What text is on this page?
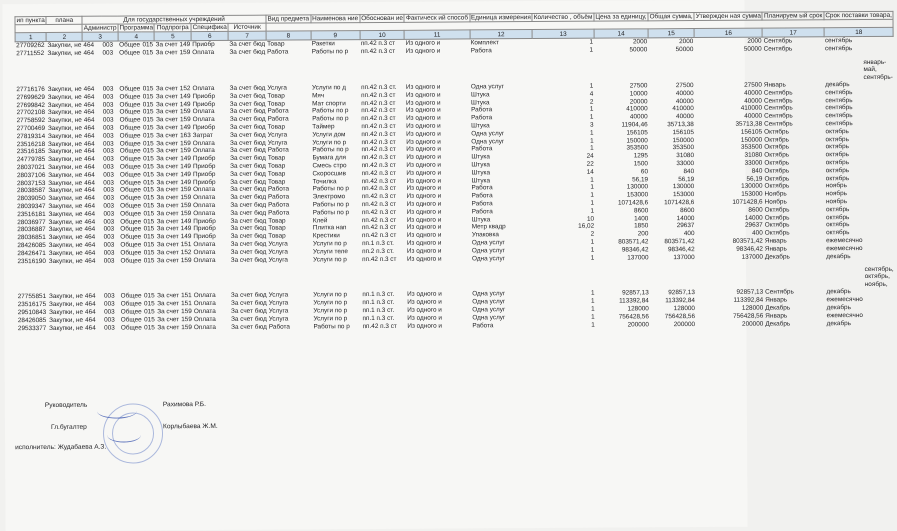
ип пункта	плана	Для государственных учреждений								Вид предмета	Наименова ние	Обоснован ие	Фактическ ий способ	Единица измерения	Количество , объём	Цена за единицу,	Общая сумма,	Утвержден ная сумма	Планируем ый срок	Срок поставки товара,	
		Администр		Программа		Подпрогра		Специфика	Источник												
1	2	3		4		5		6	7	8	9	10	11	12	13	14	15	16	17	18	
27709262	Закупки, не	464	003	Общее	015	За счет	149	Приобр	За счет бюд	Товар	Ракетки	пп.42 п.3 ст	Из одного и	Комплект	1	2000	2000	2000	Сентябрь	сентябрь	
27711552	Закупки, не	464	003	Общее	015	За счет	159	Оплата	За счет бюд	Работа	Работы по р	пп.42 п.3 ст	Из одного и	Работа	1	50000	50000	50000	Сентябрь	сентябрь	
																					январь-май, сентябрь-
27716176	Закупки, не	464	003	Общее	015	За счет	152	Оплата	За счет бюд	Услуга	Услуги по д	пп.42 п.3 ст.	Из одного и	Одна услуг	1	27500	27500	27500	Январь	декабрь	
27699629	Закупки, не	464	003	Общее	015	За счет	149	Приобр	За счет бюд	Товар	Мяч	пп.42 п.3 ст	Из одного и	Штука	4	10000	40000	40000	Сентябрь	сентябрь	
27699842	Закупки, не	464	003	Общее	015	За счет	149	Приобр	За счет бюд	Товар	Мат спорти	пп.42 п.3 ст	Из одного и	Штука	2	20000	40000	40000	Сентябрь	сентябрь	
27702108	Закупки, не	464	003	Общее	015	За счет	159	Оплата	За счет бюд	Работа	Работы по р	пп.42 п.3 ст	Из одного и	Работа	1	410000	410000	410000	Сентябрь	сентябрь	
27758592	Закупки, не	464	003	Общее	015	За счет	159	Оплата	За счет бюд	Работа	Работы по р	пп.42 п.3 ст	Из одного и	Работа	1	40000	40000	40000	Сентябрь	сентябрь	
27700469	Закупки, не	464	003	Общее	015	За счет	149	Приобр	За счет бюд	Товар	Таймер	пп.42 п.3 ст	Из одного и	Штука	3	11904,46	35713,38	35713,38	Сентябрь	сентябрь	
27819314	Закупки, не	464	003	Общее	015	За счет	163	Затрат	За счет бюд	Услуга	Услуги дом	пп.42 п.3 ст	Из одного и	Одна услуг	1	156105	156105	156105	Октябрь	октябрь	
23516218	Закупки, не	464	003	Общее	015	За счет	159	Оплата	За счет бюд	Услуга	Услуги по р	пп.42 п.3 ст	Из одного и	Одна услуг	1	150000	150000	150000	Октябрь	октябрь	
23516185	Закупки, не	464	003	Общее	015	За счет	159	Оплата	За счет бюд	Работа	Работы по р	пп.42 п.3 ст	Из одного и	Работа	1	353500	353500	353500	Октябрь	октябрь	
24779785	Закупки, не	464	003	Общее	015	За счет	149	Приобр	За счет бюд	Товар	Бумага для	пп.42 п.3 ст	Из одного и	Штука	24	1295	31080	31080	Октябрь	октябрь	
28037021	Закупки, не	464	003	Общее	015	За счет	149	Приобр	За счет бюд	Товар	Смесь стро	пп.42 п.3 ст	Из одного и	Штука	22	1500	33000	33000	Октябрь	октябрь	
28037106	Закупки, не	464	003	Общее	015	За счет	149	Приобр	За счет бюд	Товар	Скоросшив	пп.42 п.3 ст	Из одного и	Штука	14	60	840	840	Октябрь	октябрь	
28037153	Закупки, не	464	003	Общее	015	За счет	149	Приобр	За счет бюд	Товар	Точилка	пп.42 п.3 ст	Из одного и	Штука	1	56,19	56,19	56,19	Октябрь	октябрь	
28038587	Закупки, не	464	003	Общее	015	За счет	159	Оплата	За счет бюд	Работа	Работы по р	пп.42 п.3 ст	Из одного и	Работа	1	130000	130000	130000	Октябрь	ноябрь	
28039050	Закупки, не	464	003	Общее	015	За счет	159	Оплата	За счет бюд	Работа	Электромо	пп.42 п.3 ст	Из одного и	Работа	1	153000	153000	153000	Ноябрь	ноябрь	
28039347	Закупки, не	464	003	Общее	015	За счет	159	Оплата	За счет бюд	Работа	Работы по р	пп.42 п.3 ст	Из одного и	Работа	1	1071428,6	1071428,6	1071428,6	Ноябрь	ноябрь	
23516181	Закупки, не	464	003	Общее	015	За счет	159	Оплата	За счет бюд	Работа	Работы по р	пп.42 п.3 ст	Из одного и	Работа	1	8600	8600	8600	Октябрь	октябрь	
28036977	Закупки, не	464	003	Общее	015	За счет	149	Приобр	За счет бюд	Товар	Клей	пп.42 п.3 ст	Из одного и	Штука	10	1400	14000	14000	Октябрь	октябрь	
28036887	Закупки, не	464	003	Общее	015	За счет	149	Приобр	За счет бюд	Товар	Плитка нап	пп.42 п.3 ст	Из одного и	Метр квадр	16,02	1850	29637	29637	Октябрь	октябрь	
28036851	Закупки, не	464	003	Общее	015	За счет	149	Приобр	За счет бюд	Товар	Крестики	пп.42 п.3 ст	Из одного и	Упаковка	2	200	400	400	Октябрь	октябрь	
28426085	Закупки, не	464	003	Общее	015	За счет	151	Оплата	За счет бюд	Услуга	Услуги по р	пп.1 п.3 ст.	Из одного и	Одна услуг	1	803571,42	803571,42	803571,42	Январь	ежемесячно	
28426471	Закупки, не	464	003	Общее	015	За счет	152	Оплата	За счет бюд	Услуга	Услуги теле	пп.2 п.3 ст.	Из одного и	Одна услуг	1	98346,42	98346,42	98346,42	Январь	ежемесячно	
23516190	Закупки, не	464	003	Общее	015	За счет	159	Оплата	За счет бюд	Услуга	Услуги по р	пп.42 п.3 ст	Из одного и	Одна услуг	1	137000	137000	137000	Декабрь	декабрь	
																					сентябрь, октябрь, ноябрь,
27755851	Закупки, не	464	003	Общее	015	За счет	151	Оплата	За счет бюд	Услуга	Услуги по р	пп.1 п.3 ст.	Из одного и	Одна услуг	1	92857,13	92857,13	92857,13	Сентябрь	декабрь	
23516175	Закупки, не	464	003	Общее	015	За счет	151	Оплата	За счет бюд	Услуга	Услуги по р	пп.1 п.3 ст.	Из одного и	Одна услуг	1	113392,84	113392,84	113392,84	Январь	ежемесячно	
29510843	Закупки, не	464	003	Общее	015	За счет	159	Оплата	За счет бюд	Услуга	Услуги по р	пп.1 п.3 ст.	Из одного и	Одна услуг	1	128000	128000	128000	Декабрь	декабрь	
28426085	Закупки, не	464	003	Общее	015	За счет	159	Оплата	За счет бюд	Услуга	Услуги по р	пп.1 п.3 ст.	Из одного и	Одна услуг	1	756428,56	756428,56	756428,56	Январь	ежемесячно	
29533377	Закупки, не	464	003	Общее	015	За счет	159	Оплата	За счет бюд	Работа	Работы по р	пп.42 п.3 ст	Из одного и	Работа	1	200000	200000	200000	Декабрь	декабрь	
Руководитель	Рахимова Р.Б.
Гл.бугалтер	Корлыбаева Ж.М.
исполнитель: Жудабаева А.З.
